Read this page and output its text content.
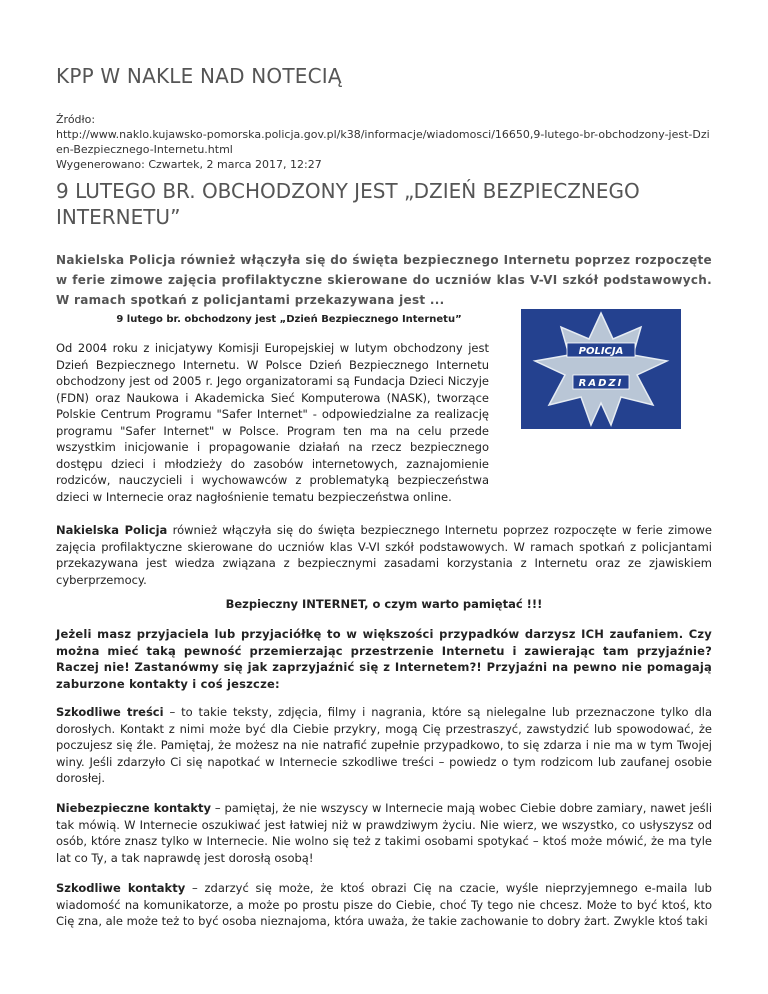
KPP W NAKLE NAD NOTECIĄ
Źródło:
http://www.naklo.kujawsko-pomorska.policja.gov.pl/k38/informacje/wiadomosci/16650,9-lutego-br-obchodzony-jest-Dzien-Bezpiecznego-Internetu.html
Wygenerowano: Czwartek, 2 marca 2017, 12:27
9 LUTEGO BR. OBCHODZONY JEST „DZIEŃ BEZPIECZNEGO INTERNETU”

Nakielska Policja również włączyła się do święta bezpiecznego Internetu poprzez rozpoczęte w ferie zimowe zajęcia profilaktyczne skierowane do uczniów klas V-VI szkół podstawowych. W ramach spotkań z policjantami przekazywana jest ...

9 lutego br. obchodzony jest „Dzień Bezpiecznego Internetu”

Od 2004 roku z inicjatywy Komisji Europejskiej w lutym obchodzony jest Dzień Bezpiecznego Internetu. W Polsce Dzień Bezpiecznego Internetu obchodzony jest od 2005 r. Jego organizatorami są Fundacja Dzieci Niczyje (FDN) oraz Naukowa i Akademicka Sieć Komputerowa (NASK), tworzące Polskie Centrum Programu "Safer Internet" - odpowiedzialne za realizację programu "Safer Internet" w Polsce. Program ten ma na celu przede wszystkim inicjowanie i propagowanie działań na rzecz bezpiecznego dostępu dzieci i młodzieży do zasobów internetowych, zaznajomienie rodziców, nauczycieli i wychowawców z problematyką bezpieczeństwa dzieci w Internecie oraz nagłośnienie tematu bezpieczeństwa online.

POLICJA
RADZI

Nakielska Policja również włączyła się do święta bezpiecznego Internetu poprzez rozpoczęte w ferie zimowe zajęcia profilaktyczne skierowane do uczniów klas V-VI szkół podstawowych. W ramach spotkań z policjantami przekazywana jest wiedza związana z bezpiecznymi zasadami korzystania z Internetu oraz ze zjawiskiem cyberprzemocy.

Bezpieczny INTERNET, o czym warto pamiętać !!!

Jeżeli masz przyjaciela lub przyjaciółkę to w większości przypadków darzysz ICH zaufaniem. Czy można mieć taką pewność przemierzając przestrzenie Internetu i zawierając tam przyjaźnie? Raczej nie! Zastanówmy się jak zaprzyjaźnić się z Internetem?! Przyjaźni na pewno nie pomagają zaburzone kontakty i coś jeszcze:

Szkodliwe treści – to takie teksty, zdjęcia, filmy i nagrania, które są nielegalne lub przeznaczone tylko dla dorosłych. Kontakt z nimi może być dla Ciebie przykry, mogą Cię przestraszyć, zawstydzić lub spowodować, że poczujesz się źle. Pamiętaj, że możesz na nie natrafić zupełnie przypadkowo, to się zdarza i nie ma w tym Twojej winy. Jeśli zdarzyło Ci się napotkać w Internecie szkodliwe treści – powiedz o tym rodzicom lub zaufanej osobie dorosłej.

Niebezpieczne kontakty – pamiętaj, że nie wszyscy w Internecie mają wobec Ciebie dobre zamiary, nawet jeśli tak mówią. W Internecie oszukiwać jest łatwiej niż w prawdziwym życiu. Nie wierz, we wszystko, co usłyszysz od osób, które znasz tylko w Internecie. Nie wolno się też z takimi osobami spotykać – ktoś może mówić, że ma tyle lat co Ty, a tak naprawdę jest dorosłą osobą!

Szkodliwe kontakty – zdarzyć się może, że ktoś obrazi Cię na czacie, wyśle nieprzyjemnego e-maila lub wiadomość na komunikatorze, a może po prostu pisze do Ciebie, choć Ty tego nie chcesz. Może to być ktoś, kto Cię zna, ale może też to być osoba nieznajoma, która uważa, że takie zachowanie to dobry żart. Zwykle ktoś taki
